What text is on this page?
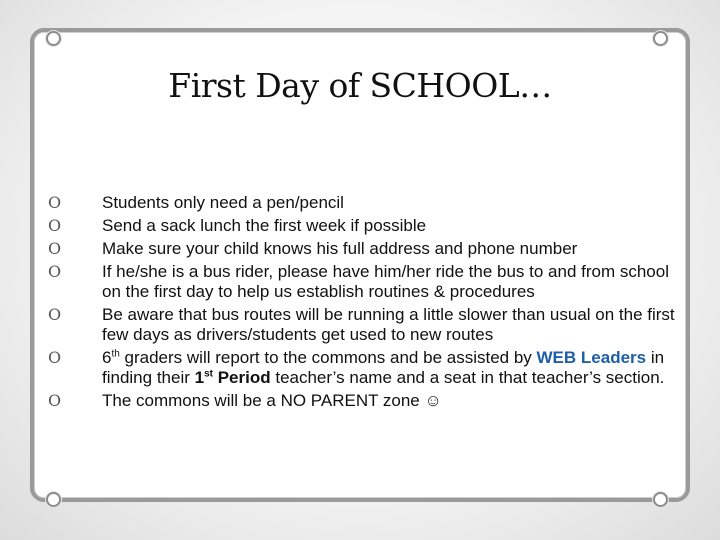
First Day of SCHOOL…
O	Students only need a pen/pencil
O	Send a sack lunch the first week if possible
O	Make sure your child knows his full address and phone number
O	If he/she is a bus rider, please have him/her ride the bus to and from school on the first day to help us establish routines & procedures
O	Be aware that bus routes will be running a little slower than usual on the first few days as drivers/students get used to new routes
O	6th graders will report to the commons and be assisted by WEB Leaders in finding their 1st Period teacher’s name and a seat in that teacher’s section.
O	The commons will be a NO PARENT zone ☺
